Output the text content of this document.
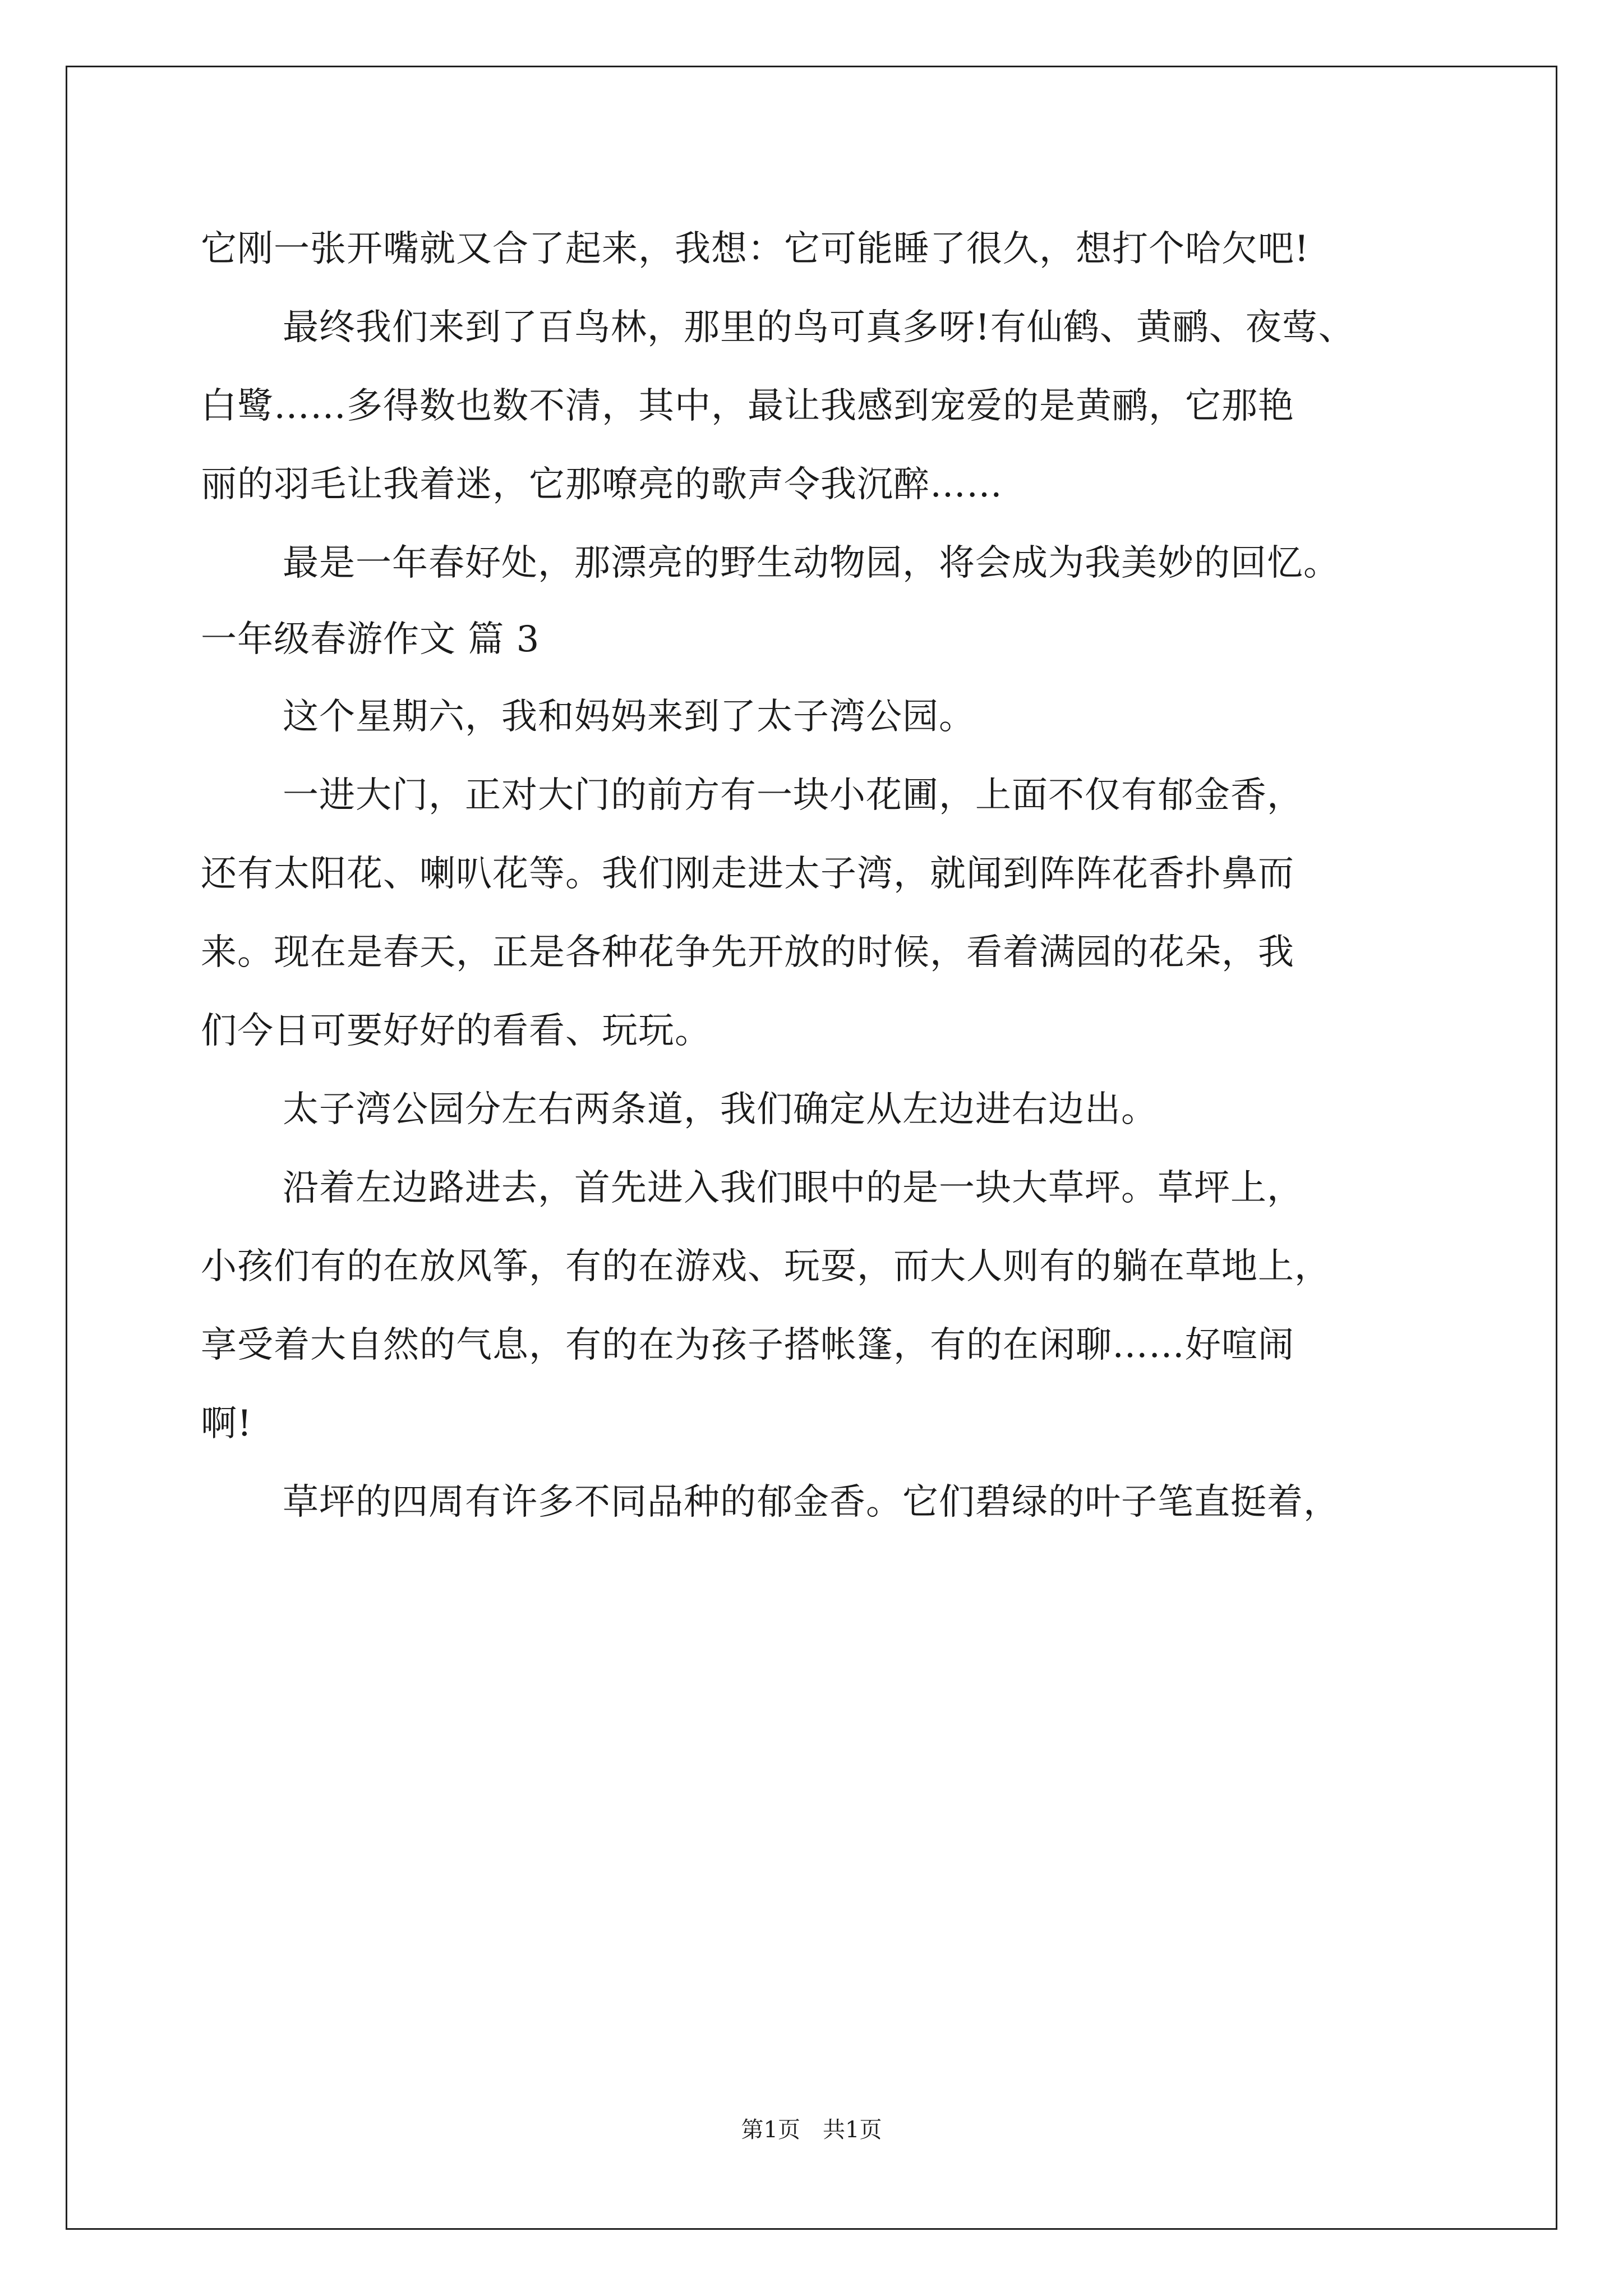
它刚一张开嘴就又合了起来，我想：它可能睡了很久，想打个哈欠吧!
最终我们来到了百鸟林，那里的鸟可真多呀!有仙鹤、黄鹂、夜莺、
白鹭……多得数也数不清，其中，最让我感到宠爱的是黄鹂，它那艳
丽的羽毛让我着迷，它那嘹亮的歌声令我沉醉……
最是一年春好处，那漂亮的野生动物园，将会成为我美妙的回忆。
一年级春游作文 篇 3
这个星期六，我和妈妈来到了太子湾公园。
一进大门，正对大门的前方有一块小花圃，上面不仅有郁金香，
还有太阳花、喇叭花等。我们刚走进太子湾，就闻到阵阵花香扑鼻而
来。现在是春天，正是各种花争先开放的时候，看着满园的花朵，我
们今日可要好好的看看、玩玩。
太子湾公园分左右两条道，我们确定从左边进右边出。
沿着左边路进去，首先进入我们眼中的是一块大草坪。草坪上，
小孩们有的在放风筝，有的在游戏、玩耍，而大人则有的躺在草地上，
享受着大自然的气息，有的在为孩子搭帐篷，有的在闲聊……好喧闹
啊!
草坪的四周有许多不同品种的郁金香。它们碧绿的叶子笔直挺着，
第1页 共1页
